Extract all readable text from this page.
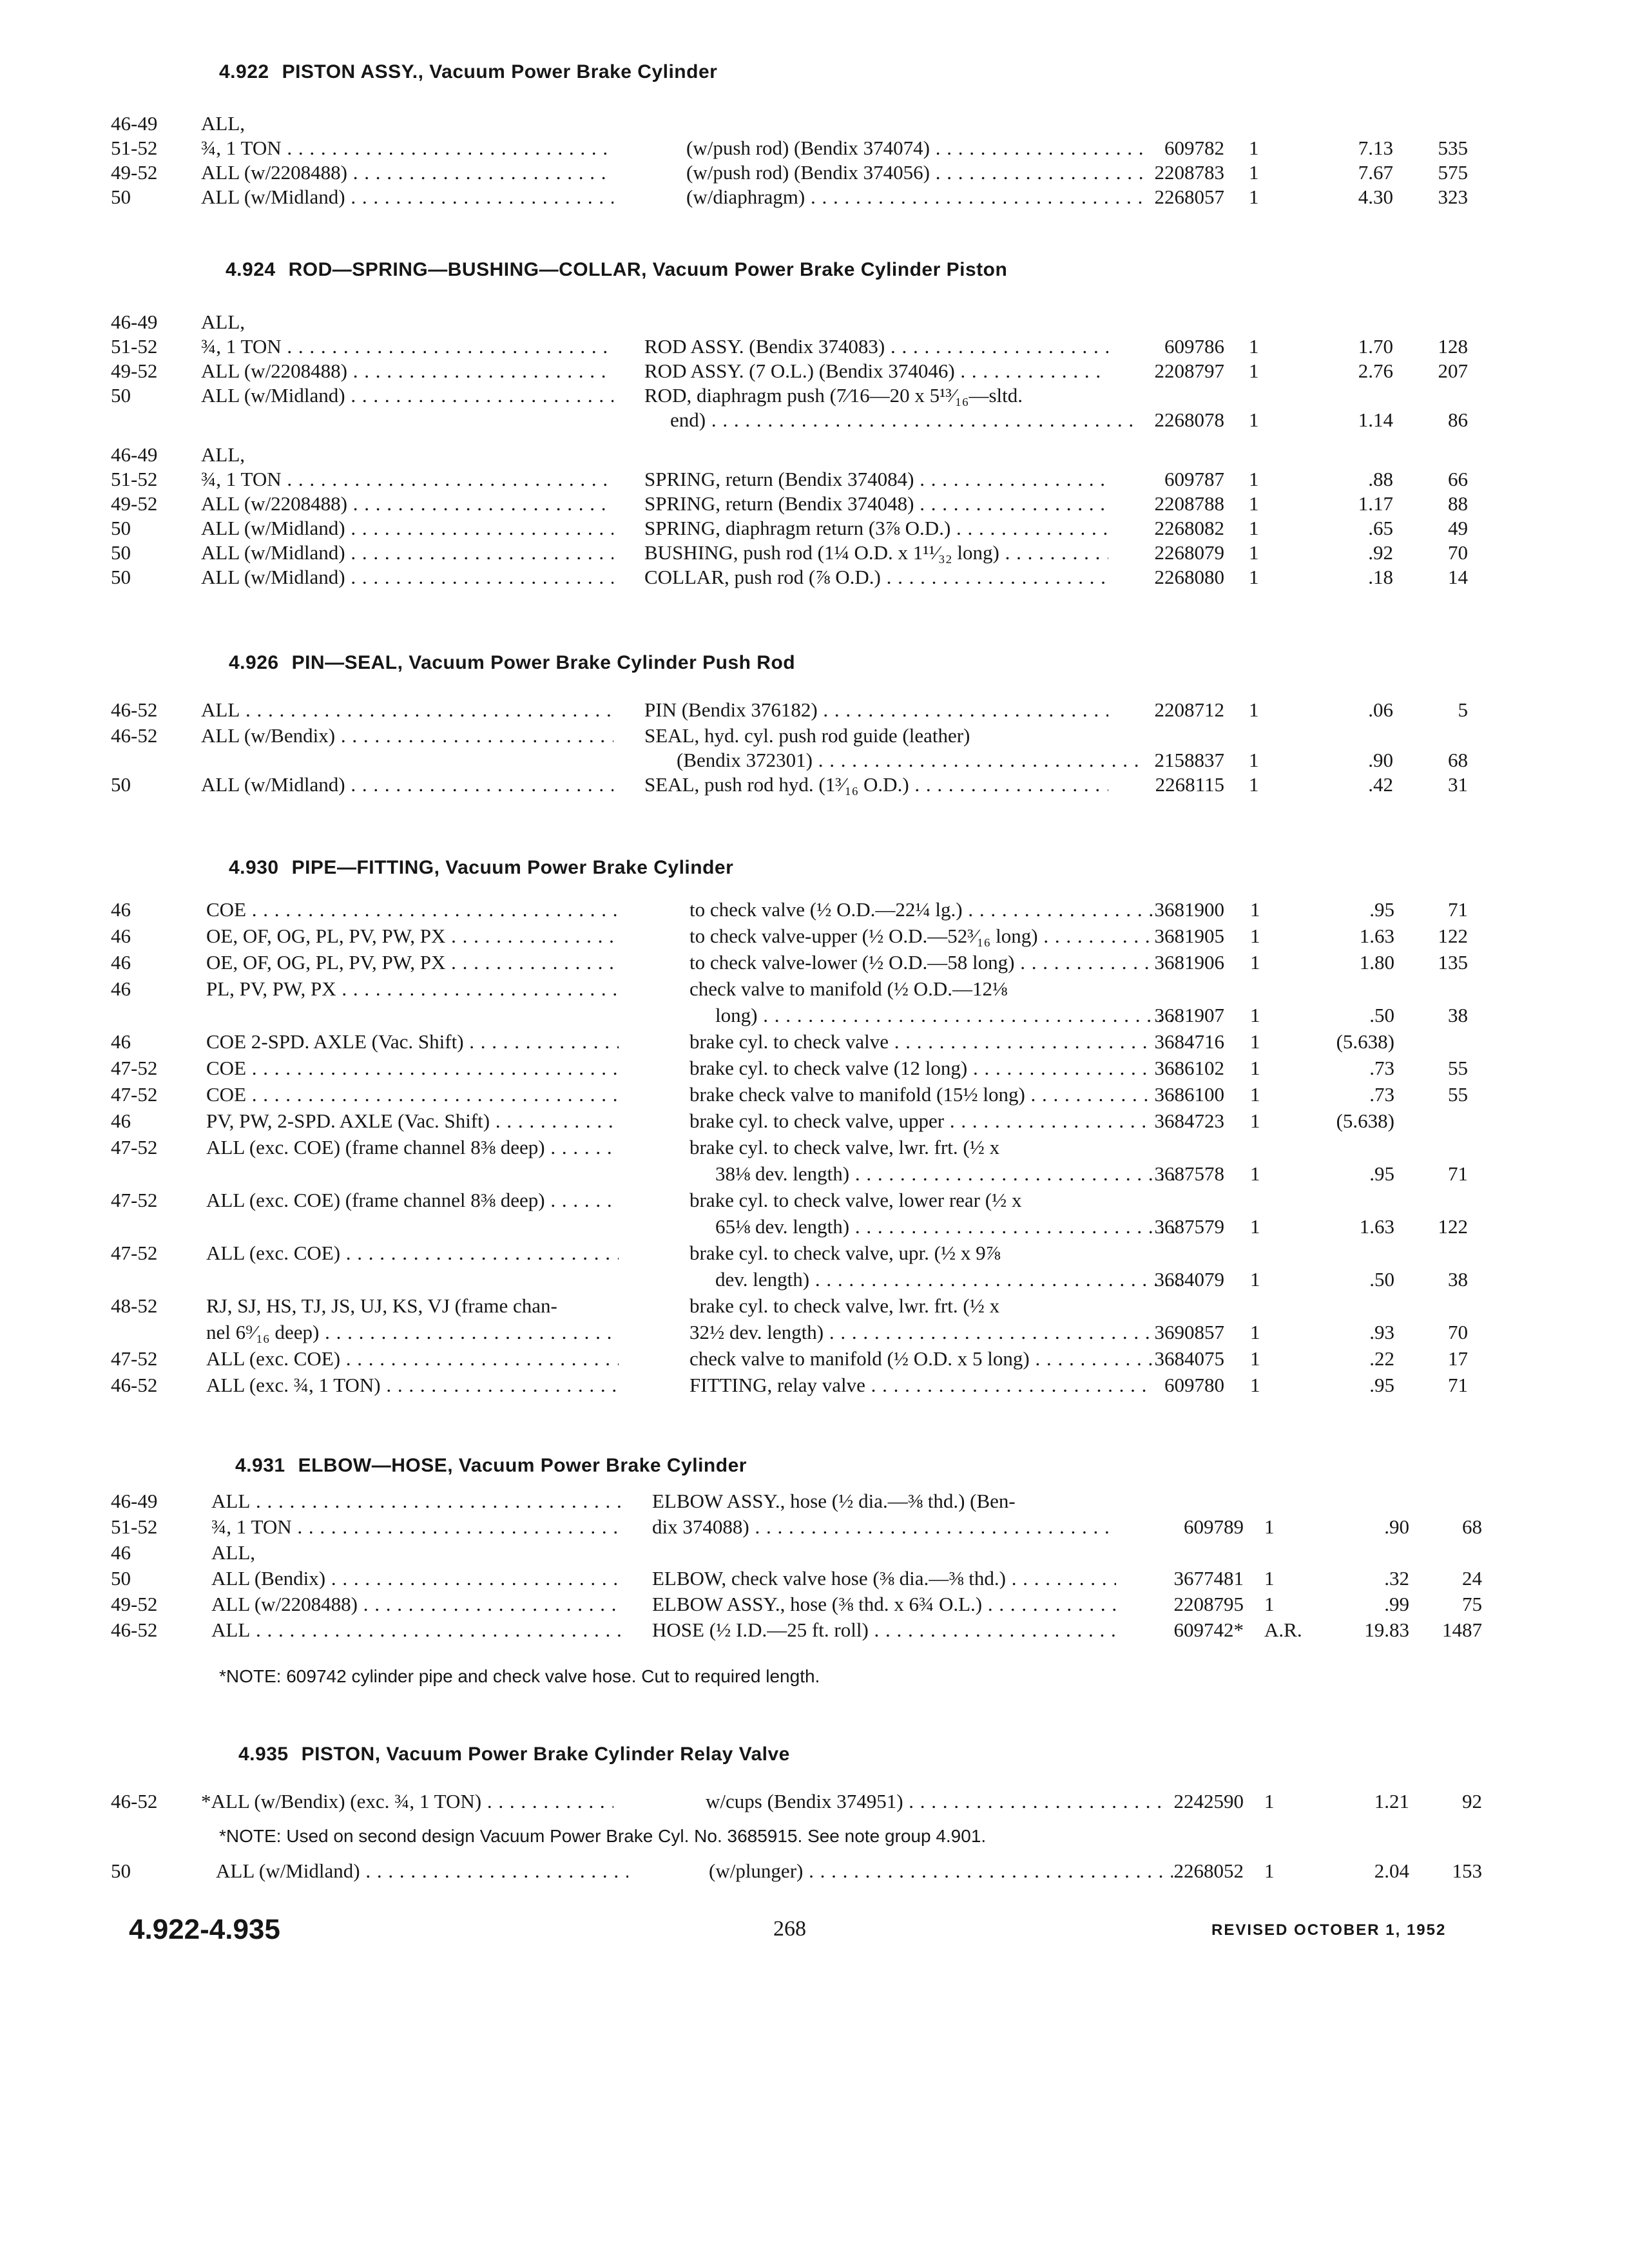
4.922 PISTON ASSY., Vacuum Power Brake Cylinder
46-49	ALL,
51-52	¾, 1 TON . . .	(w/push rod) (Bendix 374074) . . .	609782 1	7.13	535
49-52	ALL (w/2208488) . . .	(w/push rod) (Bendix 374056) . . .	2208783 1	7.67	575
50	ALL (w/Midland) . . .	(w/diaphragm) . . .	2268057 1	4.30	323
4.924 ROD—SPRING—BUSHING—COLLAR, Vacuum Power Brake Cylinder Piston
46-49	ALL,
51-52	¾, 1 TON . . .	ROD ASSY. (Bendix 374083) . . .	609786 1	1.70	128
49-52	ALL (w/2208488) . . .	ROD ASSY. (7 O.L.) (Bendix 374046) . . .	2208797 1	2.76	207
50	ALL (w/Midland) . . .	ROD, diaphragm push (7⁄16—20 x 5¹³⁄₁₆—sltd.
end) . . .	2268078 1	1.14	86
46-49	ALL,
51-52	¾, 1 TON . . .	SPRING, return (Bendix 374084) . . .	609787 1	.88	66
49-52	ALL (w/2208488) . . .	SPRING, return (Bendix 374048) . . .	2208788 1	1.17	88
50	ALL (w/Midland) . . .	SPRING, diaphragm return (3⅞ O.D.) . . .	2268082 1	.65	49
50	ALL (w/Midland) . . .	BUSHING, push rod (1¼ O.D. x 1¹¹⁄₃₂ long) . . .	2268079 1	.92	70
50	ALL (w/Midland) . . .	COLLAR, push rod (⅞ O.D.) . . .	2268080 1	.18	14
4.926 PIN—SEAL, Vacuum Power Brake Cylinder Push Rod
46-52	ALL . . .	PIN (Bendix 376182) . . .	2208712 1	.06	5
46-52	ALL (w/Bendix) . . .	SEAL, hyd. cyl. push rod guide (leather)
(Bendix 372301) . . .	2158837 1	.90	68
50	ALL (w/Midland) . . .	SEAL, push rod hyd. (1³⁄₁₆ O.D.) . . .	2268115 1	.42	31
4.930 PIPE—FITTING, Vacuum Power Brake Cylinder
46	COE . . .	to check valve (½ O.D.—22¼ lg.) . . .	3681900 1	.95	71
46	OE, OF, OG, PL, PV, PW, PX . . .	to check valve-upper (½ O.D.—52³⁄₁₆ long) . . .	3681905 1	1.63	122
46	OE, OF, OG, PL, PV, PW, PX . . .	to check valve-lower (½ O.D.—58 long) . . .	3681906 1	1.80	135
46	PL, PV, PW, PX . . .	check valve to manifold (½ O.D.—12⅛
long) . . .	3681907 1	.50	38
46	COE 2-SPD. AXLE (Vac. Shift) . . .	brake cyl. to check valve . . .	3684716 1	(5.638)
47-52	COE . . .	brake cyl. to check valve (12 long) . . .	3686102 1	.73	55
47-52	COE . . .	brake check valve to manifold (15½ long) . . .	3686100 1	.73	55
46	PV, PW, 2-SPD. AXLE (Vac. Shift) . . .	brake cyl. to check valve, upper . . .	3684723 1	(5.638)
47-52	ALL (exc. COE) (frame channel 8⅜ deep) . . .	brake cyl. to check valve, lwr. frt. (½ x
38⅛ dev. length) . . .	3687578 1	.95	71
47-52	ALL (exc. COE) (frame channel 8⅜ deep) . . .	brake cyl. to check valve, lower rear (½ x
65⅛ dev. length) . . .	3687579 1	1.63	122
47-52	ALL (exc. COE) . . .	brake cyl. to check valve, upr. (½ x 9⅞
dev. length) . . .	3684079 1	.50	38
48-52	RJ, SJ, HS, TJ, JS, UJ, KS, VJ (frame chan-	brake cyl. to check valve, lwr. frt. (½ x
nel 6⁹⁄₁₆ deep) . . .	32½ dev. length) . . .	3690857 1	.93	70
47-52	ALL (exc. COE) . . .	check valve to manifold (½ O.D. x 5 long) . . .	3684075 1	.22	17
46-52	ALL (exc. ¾, 1 TON) . . .	FITTING, relay valve . . .	609780 1	.95	71
4.931 ELBOW—HOSE, Vacuum Power Brake Cylinder
46-49	ALL . . .	ELBOW ASSY., hose (½ dia.—⅜ thd.) (Ben-
51-52	¾, 1 TON . . .	dix 374088) . . .	609789 1	.90	68
46	ALL,
50	ALL (Bendix) . . .	ELBOW, check valve hose (⅜ dia.—⅜ thd.) . . .	3677481 1	.32	24
49-52	ALL (w/2208488) . . .	ELBOW ASSY., hose (⅜ thd. x 6¾ O.L.) . . .	2208795 1	.99	75
46-52	ALL . . .	HOSE (½ I.D.—25 ft. roll) . . .	609742* A.R.	19.83	1487
*NOTE: 609742 cylinder pipe and check valve hose. Cut to required length.
4.935 PISTON, Vacuum Power Brake Cylinder Relay Valve
46-52	*ALL (w/Bendix) (exc. ¾, 1 TON) . . .	w/cups (Bendix 374951) . . .	2242590 1	1.21	92
*NOTE: Used on second design Vacuum Power Brake Cyl. No. 3685915. See note group 4.901.
50	ALL (w/Midland) . . .	(w/plunger) . . .	2268052 1	2.04	153
4.922-4.935	268	REVISED OCTOBER 1, 1952
